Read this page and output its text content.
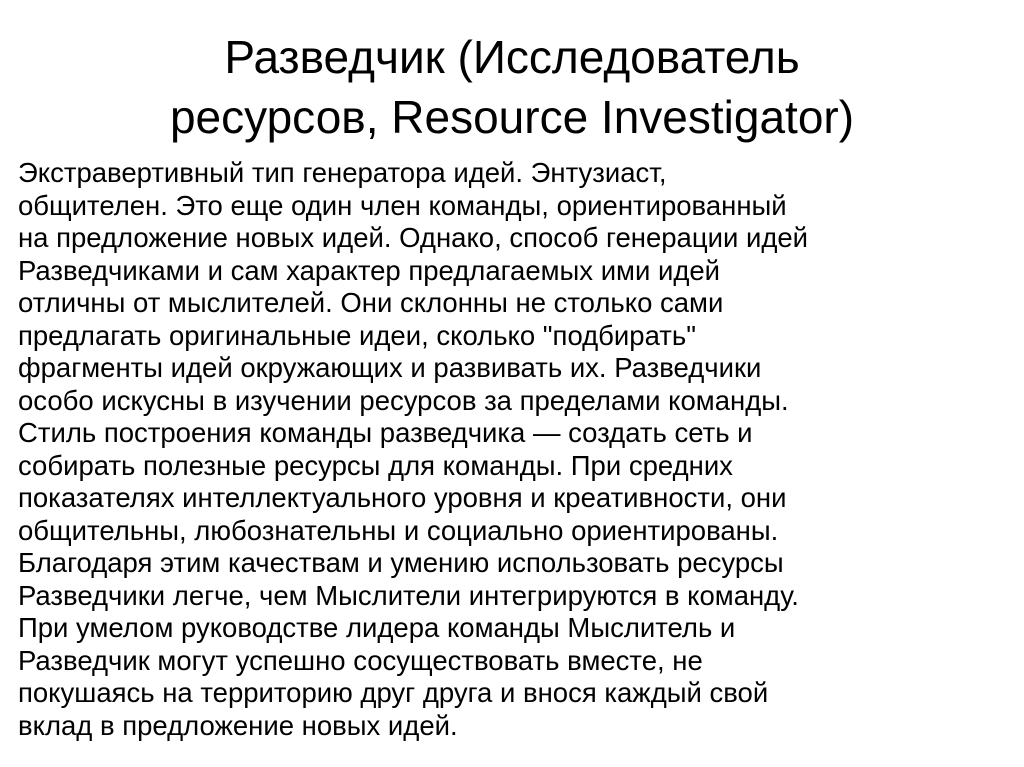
Разведчик (Исследователь
ресурсов, Resource Investigator)
Экстравертивный тип генератора идей. Энтузиаст,
общителен. Это еще один член команды, ориентированный
на предложение новых идей. Однако, способ генерации идей
Разведчиками и сам характер предлагаемых ими идей
отличны от мыслителей. Они склонны не столько сами
предлагать оригинальные идеи, сколько "подбирать"
фрагменты идей окружающих и развивать их. Разведчики
особо искусны в изучении ресурсов за пределами команды.
Стиль построения команды разведчика — создать сеть и
собирать полезные ресурсы для команды. При средних
показателях интеллектуального уровня и креативности, они
общительны, любознательны и социально ориентированы.
Благодаря этим качествам и умению использовать ресурсы
Разведчики легче, чем Мыслители интегрируются в команду.
При умелом руководстве лидера команды Мыслитель и
Разведчик могут успешно сосуществовать вместе, не
покушаясь на территорию друг друга и внося каждый свой
вклад в предложение новых идей.
